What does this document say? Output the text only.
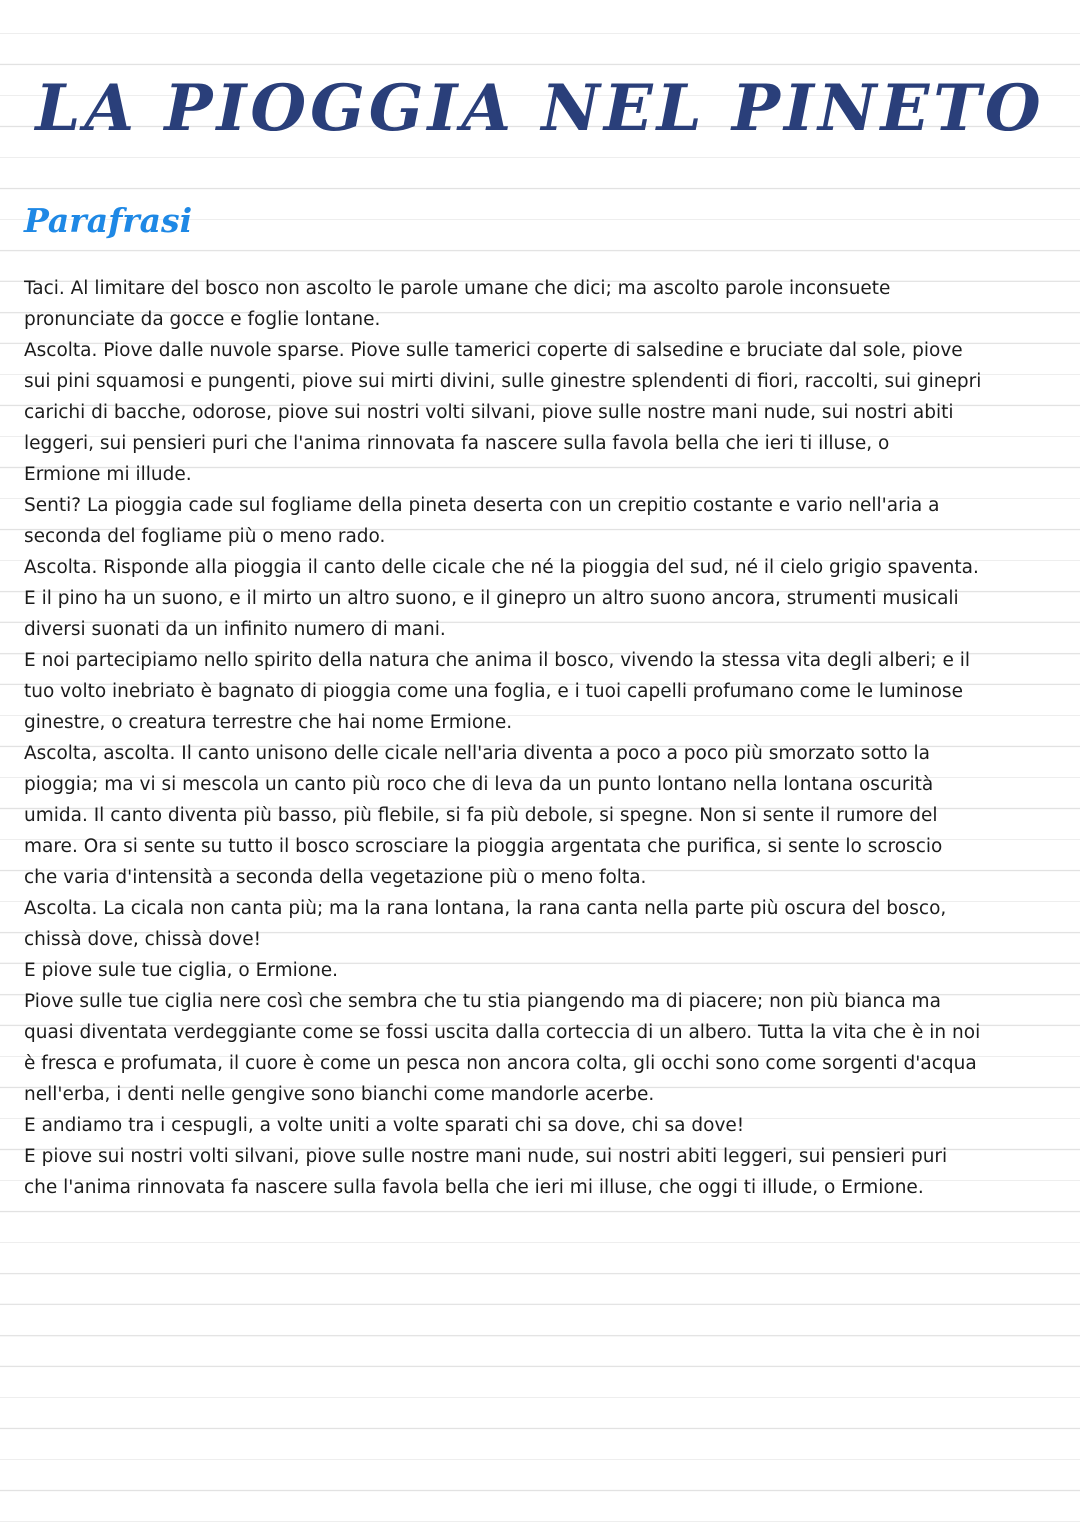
LA PIOGGIA NEL PINETO
Parafrasi
Taci. Al limitare del bosco non ascolto le parole umane che dici; ma ascolto parole inconsuete
pronunciate da gocce e foglie lontane.
Ascolta. Piove dalle nuvole sparse. Piove sulle tamerici coperte di salsedine e bruciate dal sole, piove
sui pini squamosi e pungenti, piove sui mirti divini, sulle ginestre splendenti di fiori, raccolti, sui ginepri
carichi di bacche, odorose, piove sui nostri volti silvani, piove sulle nostre mani nude, sui nostri abiti
leggeri, sui pensieri puri che l'anima rinnovata fa nascere sulla favola bella che ieri ti illuse, o
Ermione mi illude.
Senti? La pioggia cade sul fogliame della pineta deserta con un crepitio costante e vario nell'aria a
seconda del fogliame più o meno rado.
Ascolta. Risponde alla pioggia il canto delle cicale che né la pioggia del sud, né il cielo grigio spaventa.
E il pino ha un suono, e il mirto un altro suono, e il ginepro un altro suono ancora, strumenti musicali
diversi suonati da un infinito numero di mani.
E noi partecipiamo nello spirito della natura che anima il bosco, vivendo la stessa vita degli alberi; e il
tuo volto inebriato è bagnato di pioggia come una foglia, e i tuoi capelli profumano come le luminose
ginestre, o creatura terrestre che hai nome Ermione.
Ascolta, ascolta. Il canto unisono delle cicale nell'aria diventa a poco a poco più smorzato sotto la
pioggia; ma vi si mescola un canto più roco che di leva da un punto lontano nella lontana oscurità
umida. Il canto diventa più basso, più flebile, si fa più debole, si spegne. Non si sente il rumore del
mare. Ora si sente su tutto il bosco scrosciare la pioggia argentata che purifica, si sente lo scroscio
che varia d'intensità a seconda della vegetazione più o meno folta.
Ascolta. La cicala non canta più; ma la rana lontana, la rana canta nella parte più oscura del bosco,
chissà dove, chissà dove!
E piove sule tue ciglia, o Ermione.
Piove sulle tue ciglia nere così che sembra che tu stia piangendo ma di piacere; non più bianca ma
quasi diventata verdeggiante come se fossi uscita dalla corteccia di un albero. Tutta la vita che è in noi
è fresca e profumata, il cuore è come un pesca non ancora colta, gli occhi sono come sorgenti d'acqua
nell'erba, i denti nelle gengive sono bianchi come mandorle acerbe.
E andiamo tra i cespugli, a volte uniti a volte sparati chi sa dove, chi sa dove!
E piove sui nostri volti silvani, piove sulle nostre mani nude, sui nostri abiti leggeri, sui pensieri puri
che l'anima rinnovata fa nascere sulla favola bella che ieri mi illuse, che oggi ti illude, o Ermione.
